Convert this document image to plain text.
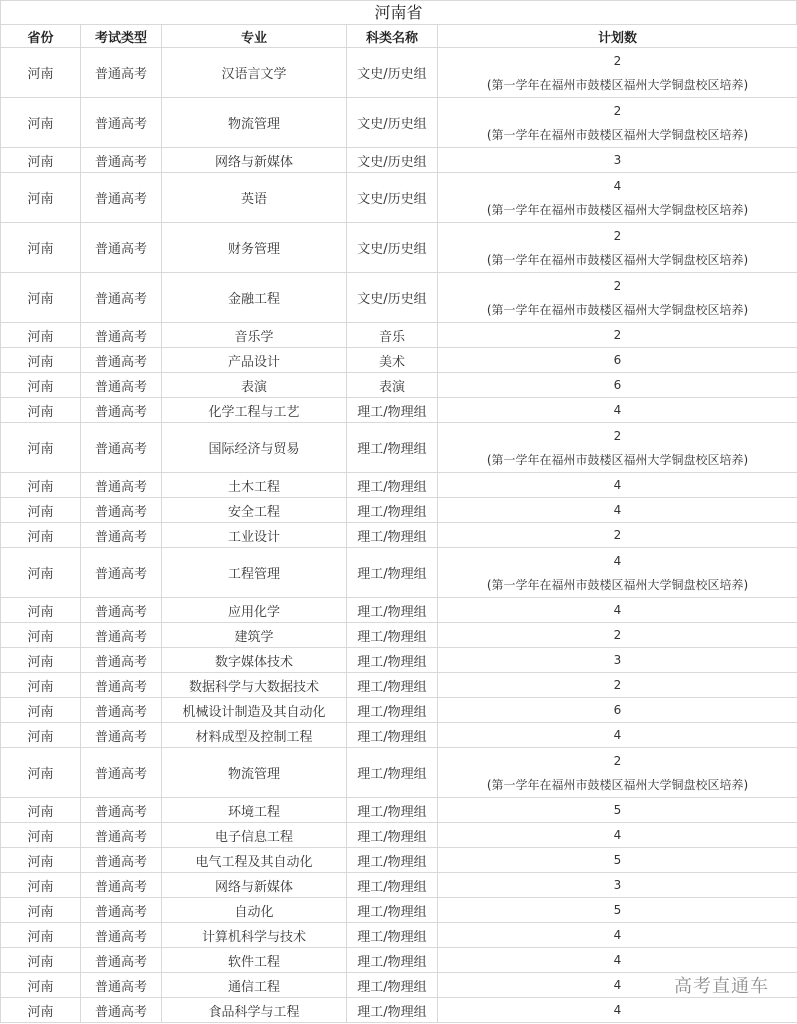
河南省
省份	考试类型	专业	科类名称	计划数
河南	普通高考	汉语言文学	文史/历史组	2
(第一学年在福州市鼓楼区福州大学铜盘校区培养)

河南	普通高考	物流管理	文史/历史组	2
(第一学年在福州市鼓楼区福州大学铜盘校区培养)

河南	普通高考	网络与新媒体	文史/历史组	3

河南	普通高考	英语	文史/历史组	4
(第一学年在福州市鼓楼区福州大学铜盘校区培养)

河南	普通高考	财务管理	文史/历史组	2
(第一学年在福州市鼓楼区福州大学铜盘校区培养)

河南	普通高考	金融工程	文史/历史组	2
(第一学年在福州市鼓楼区福州大学铜盘校区培养)

河南	普通高考	音乐学	音乐	2

河南	普通高考	产品设计	美术	6

河南	普通高考	表演	表演	6

河南	普通高考	化学工程与工艺	理工/物理组	4

河南	普通高考	国际经济与贸易	理工/物理组	2
(第一学年在福州市鼓楼区福州大学铜盘校区培养)

河南	普通高考	土木工程	理工/物理组	4

河南	普通高考	安全工程	理工/物理组	4

河南	普通高考	工业设计	理工/物理组	2

河南	普通高考	工程管理	理工/物理组	4
(第一学年在福州市鼓楼区福州大学铜盘校区培养)

河南	普通高考	应用化学	理工/物理组	4

河南	普通高考	建筑学	理工/物理组	2

河南	普通高考	数字媒体技术	理工/物理组	3

河南	普通高考	数据科学与大数据技术	理工/物理组	2

河南	普通高考	机械设计制造及其自动化	理工/物理组	6

河南	普通高考	材料成型及控制工程	理工/物理组	4

河南	普通高考	物流管理	理工/物理组	2
(第一学年在福州市鼓楼区福州大学铜盘校区培养)

河南	普通高考	环境工程	理工/物理组	5

河南	普通高考	电子信息工程	理工/物理组	4

河南	普通高考	电气工程及其自动化	理工/物理组	5

河南	普通高考	网络与新媒体	理工/物理组	3

河南	普通高考	自动化	理工/物理组	5

河南	普通高考	计算机科学与技术	理工/物理组	4

河南	普通高考	软件工程	理工/物理组	4

河南	普通高考	通信工程	理工/物理组	4

河南	普通高考	食品科学与工程	理工/物理组	4
高考直通车
